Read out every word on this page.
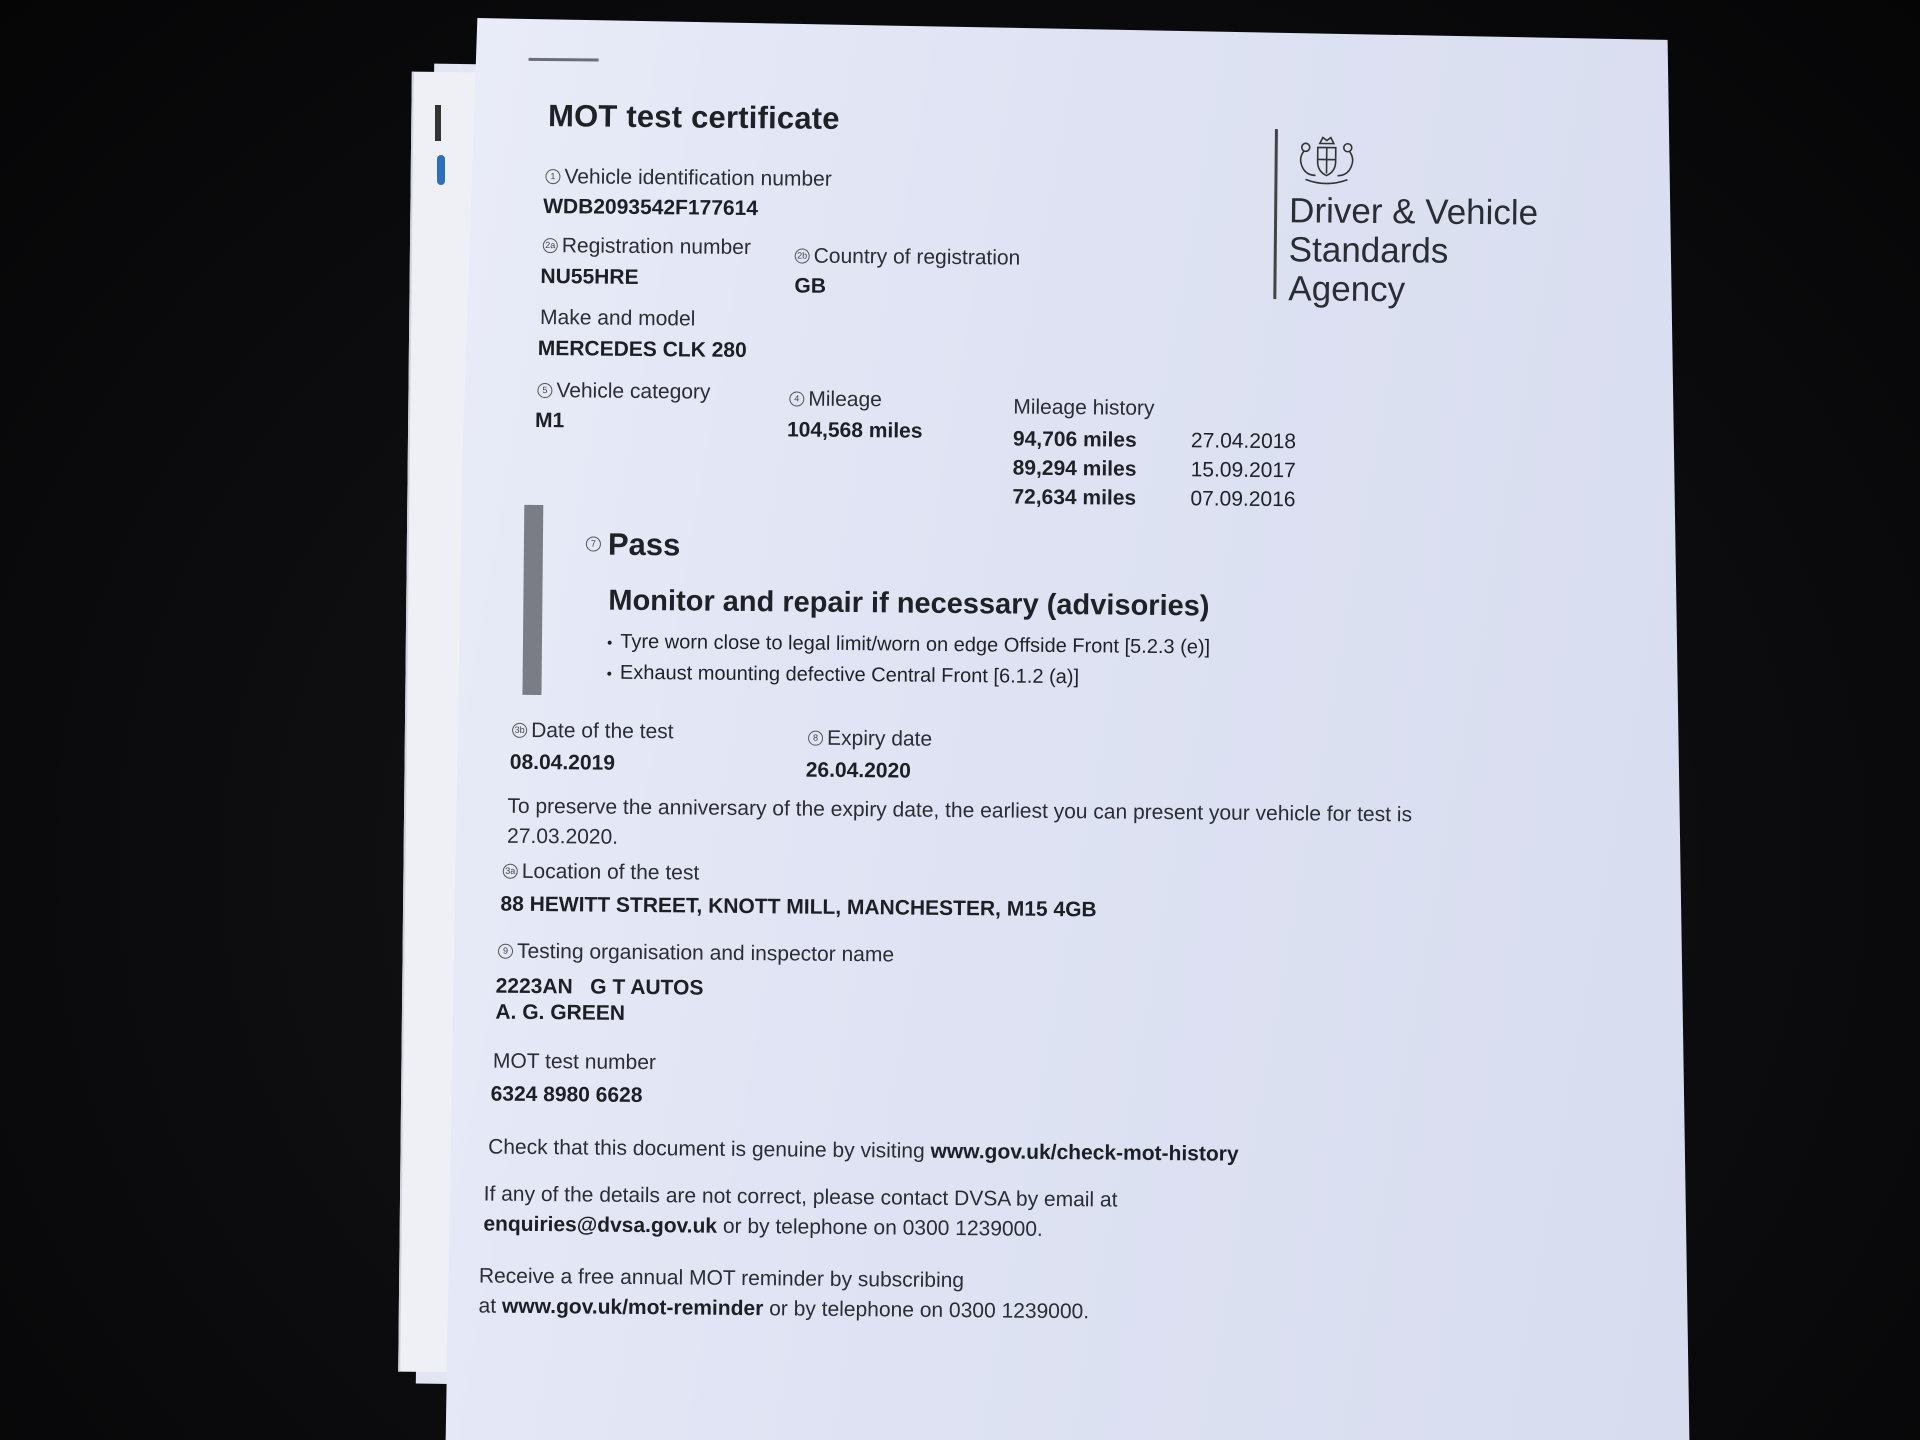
MOT test certificate
1 Vehicle identification number
WDB2093542F177614
2a Registration number
NU55HRE
2b Country of registration
GB
Make and model
MERCEDES CLK 280
5 Vehicle category
M1
4 Mileage
104,568 miles
Mileage history
94,706 miles	27.04.2018
89,294 miles	15.09.2017
72,634 miles	07.09.2016
Driver & Vehicle
Standards
Agency
7 Pass
Monitor and repair if necessary (advisories)
• Tyre worn close to legal limit/worn on edge Offside Front [5.2.3 (e)]
• Exhaust mounting defective Central Front [6.1.2 (a)]
3b Date of the test
08.04.2019
8 Expiry date
26.04.2020
To preserve the anniversary of the expiry date, the earliest you can present your vehicle for test is
27.03.2020.
3a Location of the test
88 HEWITT STREET, KNOTT MILL, MANCHESTER, M15 4GB
9 Testing organisation and inspector name
2223AN   G T AUTOS
A. G. GREEN
MOT test number
6324 8980 6628
Check that this document is genuine by visiting www.gov.uk/check-mot-history
If any of the details are not correct, please contact DVSA by email at
enquiries@dvsa.gov.uk or by telephone on 0300 1239000.
Receive a free annual MOT reminder by subscribing
at www.gov.uk/mot-reminder or by telephone on 0300 1239000.
